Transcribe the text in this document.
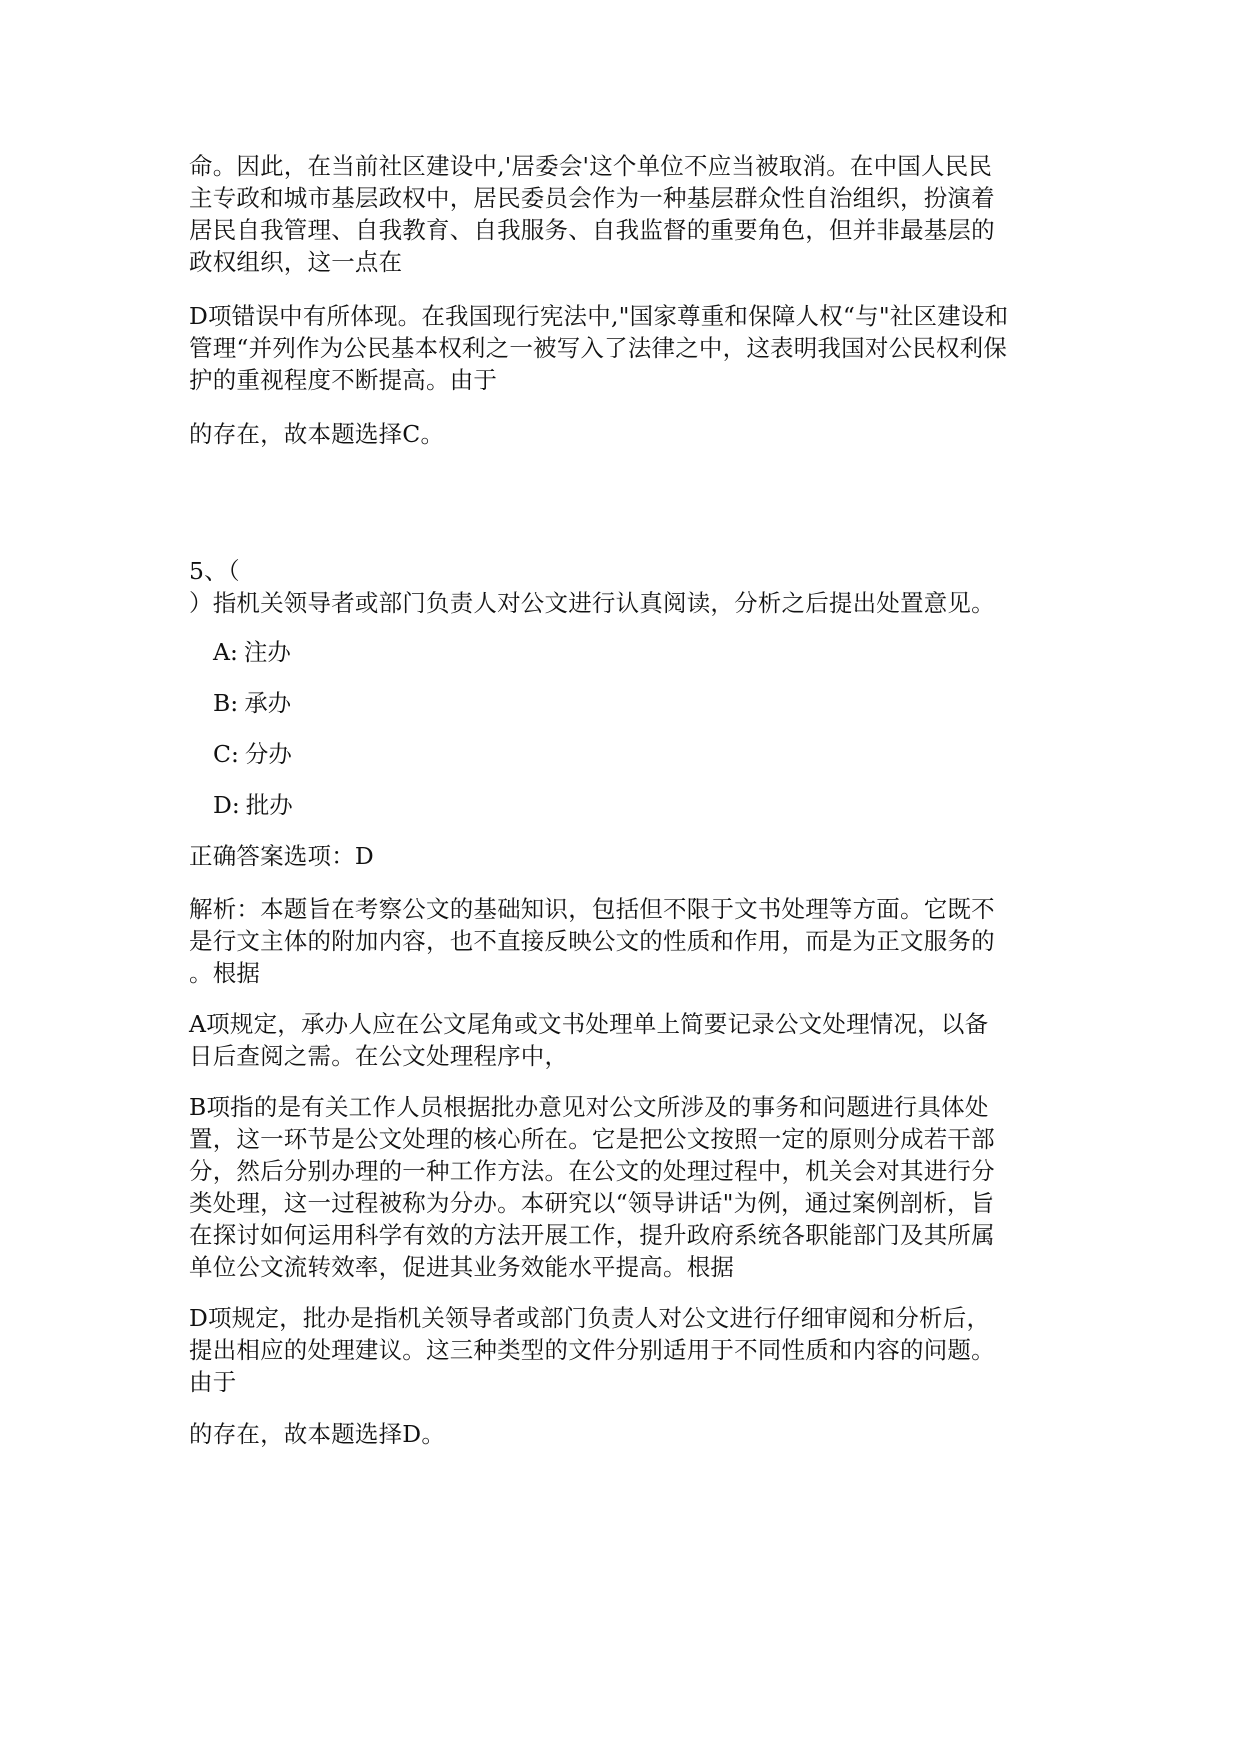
命。因此，在当前社区建设中,'居委会'这个单位不应当被取消。在中国人民民
主专政和城市基层政权中，居民委员会作为一种基层群众性自治组织，扮演着
居民自我管理、自我教育、自我服务、自我监督的重要角色，但并非最基层的
政权组织，这一点在
D项错误中有所体现。在我国现行宪法中,"国家尊重和保障人权“与"社区建设和
管理“并列作为公民基本权利之一被写入了法律之中，这表明我国对公民权利保
护的重视程度不断提高。由于
的存在，故本题选择C。
5、（
）指机关领导者或部门负责人对公文进行认真阅读，分析之后提出处置意见。
A: 注办
B: 承办
C: 分办
D: 批办
正确答案选项：D
解析：本题旨在考察公文的基础知识，包括但不限于文书处理等方面。它既不
是行文主体的附加内容，也不直接反映公文的性质和作用，而是为正文服务的
。根据
A项规定，承办人应在公文尾角或文书处理单上简要记录公文处理情况，以备
日后查阅之需。在公文处理程序中，
B项指的是有关工作人员根据批办意见对公文所涉及的事务和问题进行具体处
置，这一环节是公文处理的核心所在。它是把公文按照一定的原则分成若干部
分，然后分别办理的一种工作方法。在公文的处理过程中，机关会对其进行分
类处理，这一过程被称为分办。本研究以“领导讲话"为例，通过案例剖析，旨
在探讨如何运用科学有效的方法开展工作，提升政府系统各职能部门及其所属
单位公文流转效率，促进其业务效能水平提高。根据
D项规定，批办是指机关领导者或部门负责人对公文进行仔细审阅和分析后，
提出相应的处理建议。这三种类型的文件分别适用于不同性质和内容的问题。
由于
的存在，故本题选择D。
